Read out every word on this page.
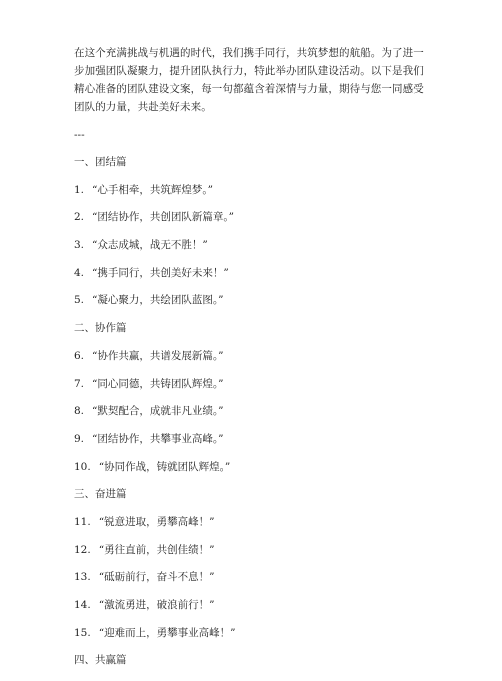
在这个充满挑战与机遇的时代，我们携手同行，共筑梦想的航船。为了进一步加强团队凝聚力，提升团队执行力，特此举办团队建设活动。以下是我们精心准备的团队建设文案，每一句都蕴含着深情与力量，期待与您一同感受团队的力量，共赴美好未来。

---
一、团结篇
1. “心手相牵，共筑辉煌梦。”
2. “团结协作，共创团队新篇章。”
3. “众志成城，战无不胜！”
4. “携手同行，共创美好未来！”
5. “凝心聚力，共绘团队蓝图。”
二、协作篇
6. “协作共赢，共谱发展新篇。”
7. “同心同德，共铸团队辉煌。”
8. “默契配合，成就非凡业绩。”
9. “团结协作，共攀事业高峰。”
10. “协同作战，铸就团队辉煌。”
三、奋进篇
11. “锐意进取，勇攀高峰！”
12. “勇往直前，共创佳绩！”
13. “砥砺前行，奋斗不息！”
14. “激流勇进，破浪前行！”
15. “迎难而上，勇攀事业高峰！”
四、共赢篇
